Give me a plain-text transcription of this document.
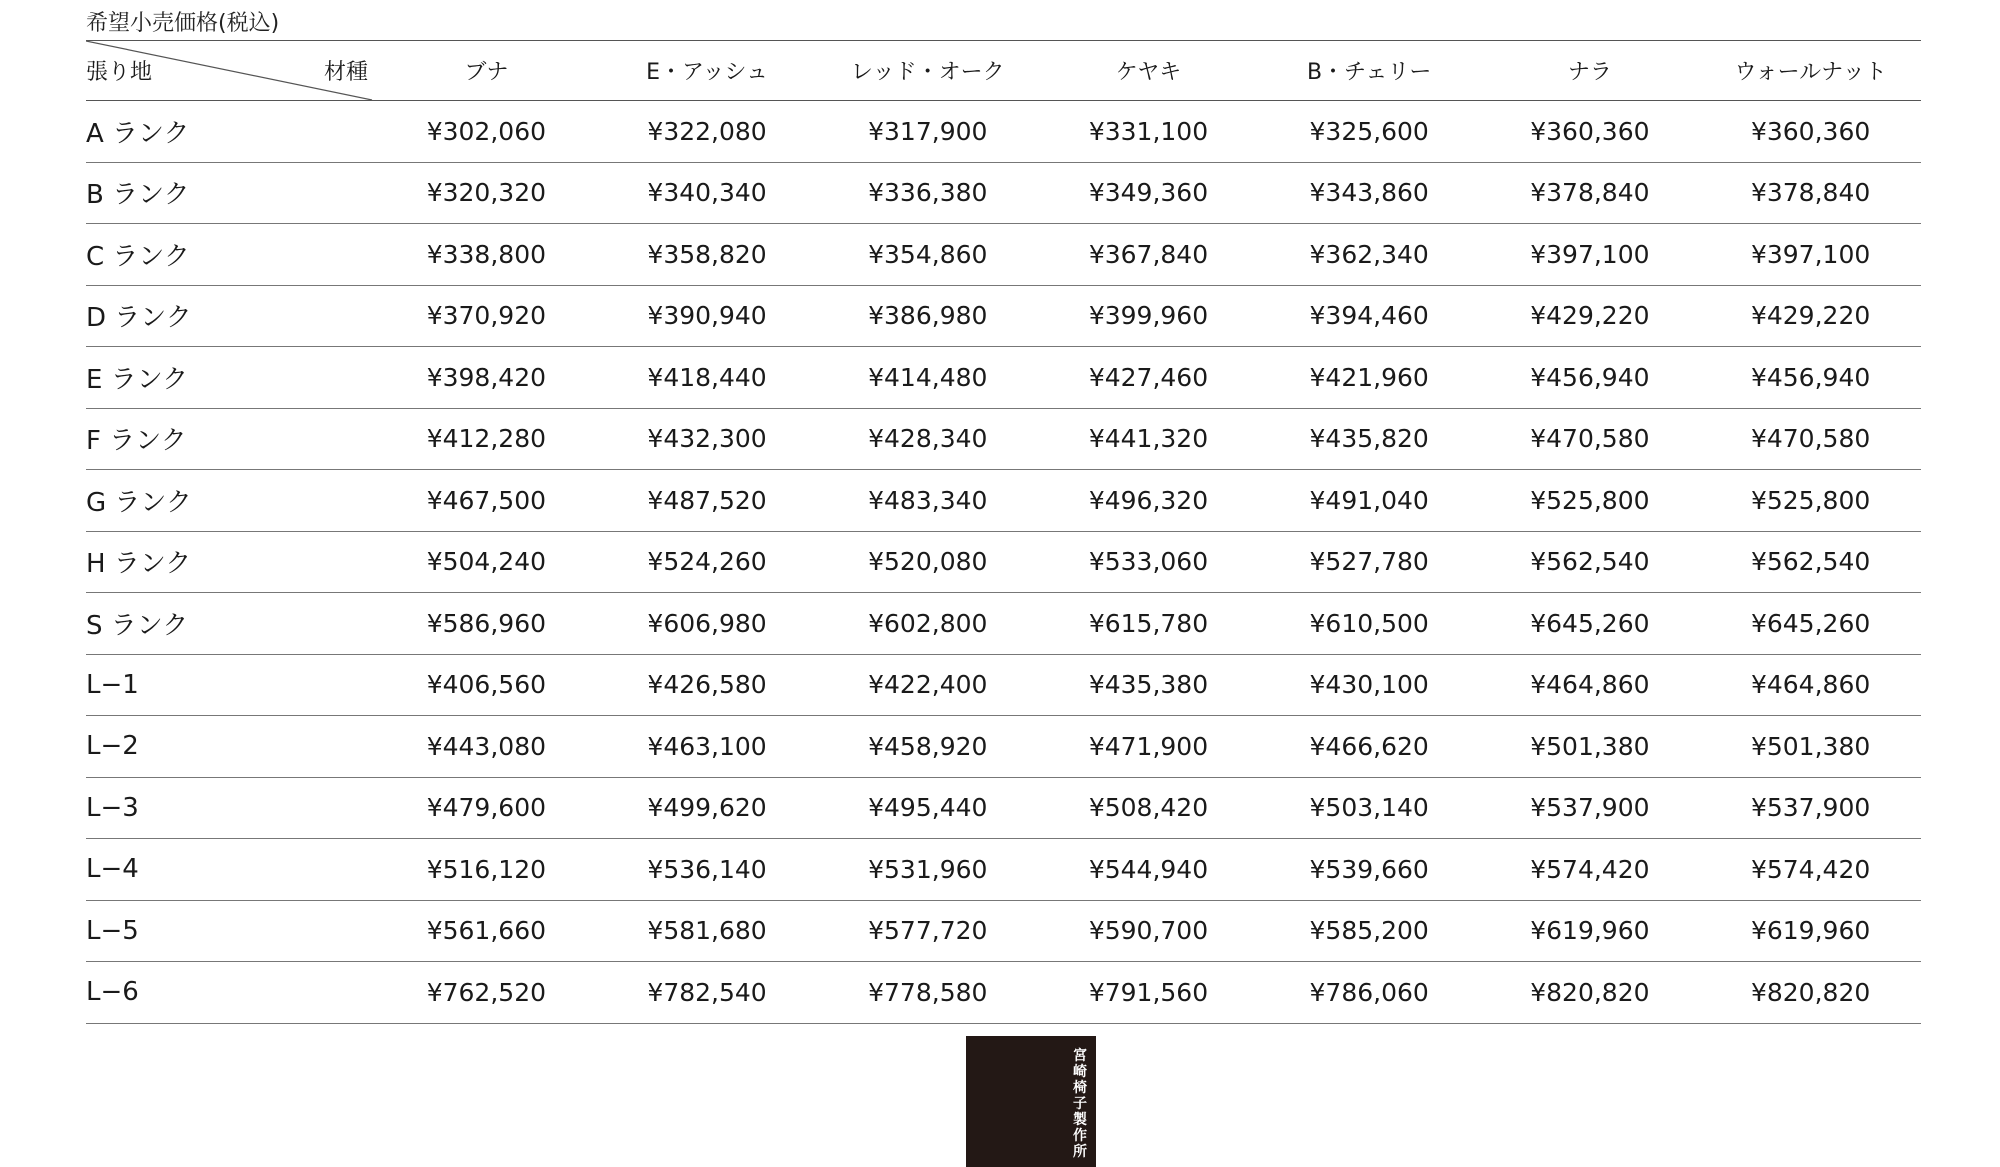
希望小売価格(税込)
張り地 材種	ブナ	E・アッシュ	レッド・オーク	ケヤキ	B・チェリー	ナラ	ウォールナット
A ランク	¥302,060	¥322,080	¥317,900	¥331,100	¥325,600	¥360,360	¥360,360
B ランク	¥320,320	¥340,340	¥336,380	¥349,360	¥343,860	¥378,840	¥378,840
C ランク	¥338,800	¥358,820	¥354,860	¥367,840	¥362,340	¥397,100	¥397,100
D ランク	¥370,920	¥390,940	¥386,980	¥399,960	¥394,460	¥429,220	¥429,220
E ランク	¥398,420	¥418,440	¥414,480	¥427,460	¥421,960	¥456,940	¥456,940
F ランク	¥412,280	¥432,300	¥428,340	¥441,320	¥435,820	¥470,580	¥470,580
G ランク	¥467,500	¥487,520	¥483,340	¥496,320	¥491,040	¥525,800	¥525,800
H ランク	¥504,240	¥524,260	¥520,080	¥533,060	¥527,780	¥562,540	¥562,540
S ランク	¥586,960	¥606,980	¥602,800	¥615,780	¥610,500	¥645,260	¥645,260
L−1	¥406,560	¥426,580	¥422,400	¥435,380	¥430,100	¥464,860	¥464,860
L−2	¥443,080	¥463,100	¥458,920	¥471,900	¥466,620	¥501,380	¥501,380
L−3	¥479,600	¥499,620	¥495,440	¥508,420	¥503,140	¥537,900	¥537,900
L−4	¥516,120	¥536,140	¥531,960	¥544,940	¥539,660	¥574,420	¥574,420
L−5	¥561,660	¥581,680	¥577,720	¥590,700	¥585,200	¥619,960	¥619,960
L−6	¥762,520	¥782,540	¥778,580	¥791,560	¥786,060	¥820,820	¥820,820
宮崎椅子製作所
